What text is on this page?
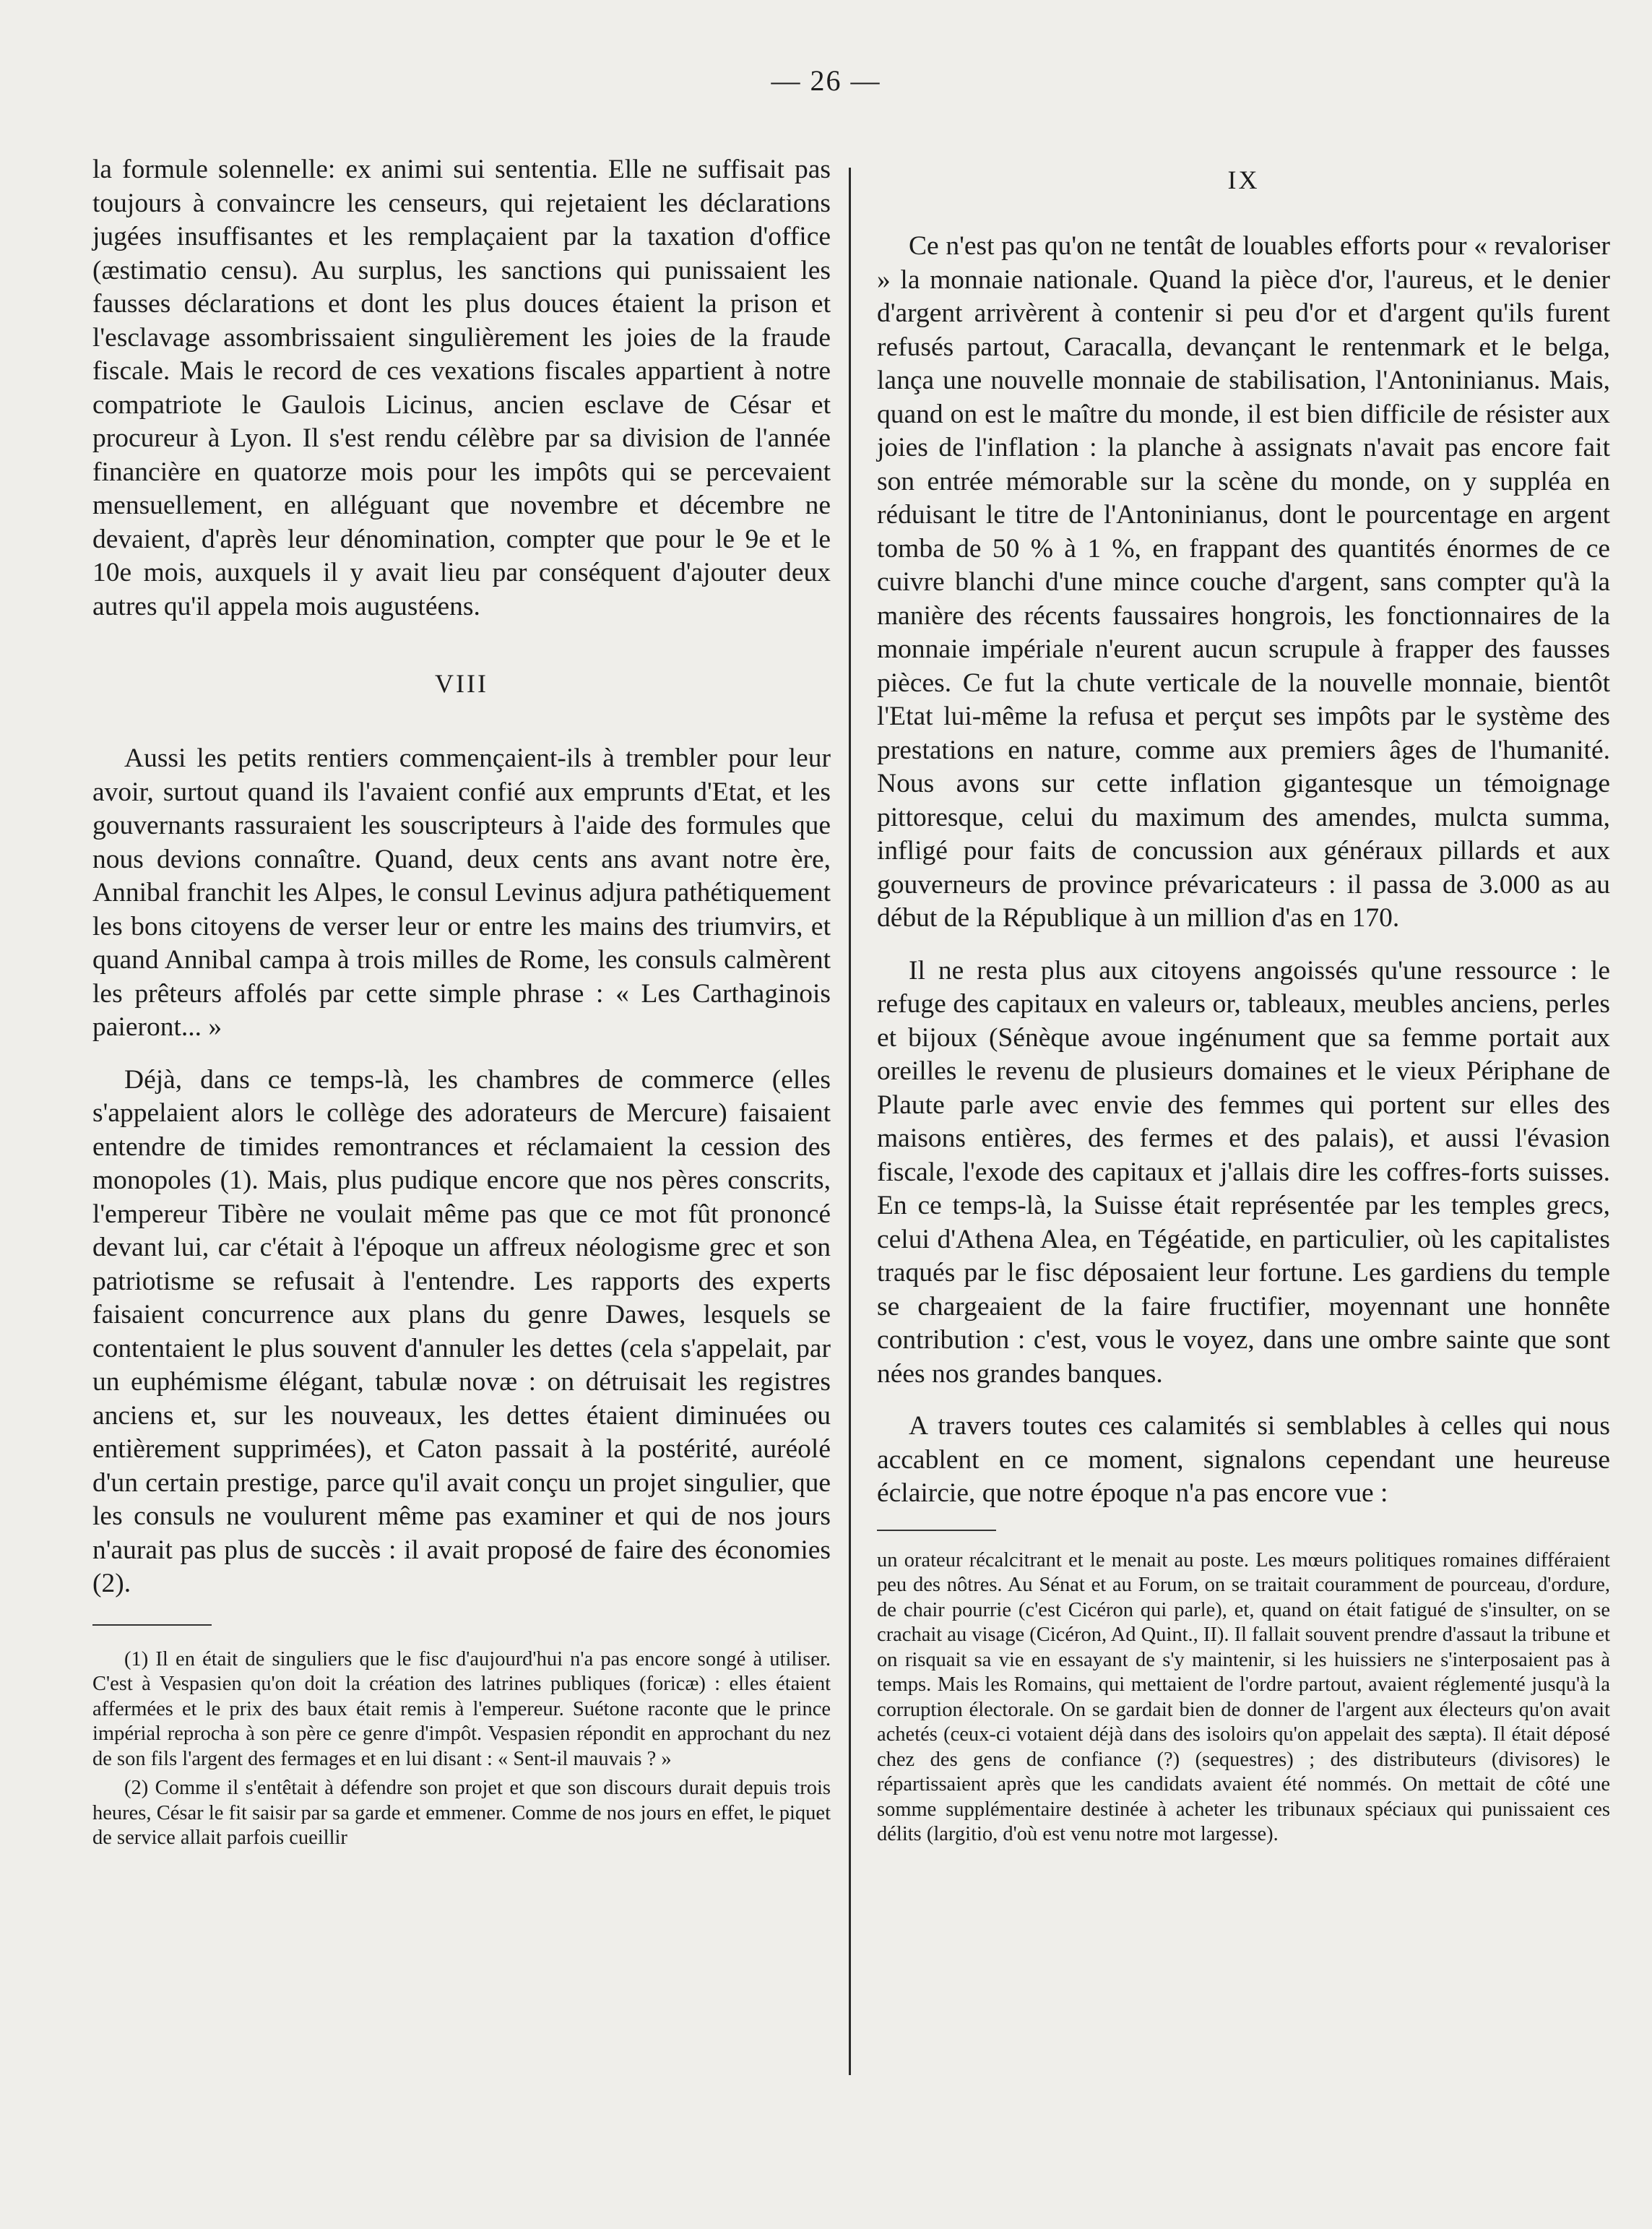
— 26 —

la formule solennelle: ex animi sui sententia. Elle ne suffisait pas toujours à convaincre les censeurs, qui rejetaient les déclarations jugées insuffisantes et les remplaçaient par la taxation d'office (æstimatio censu). Au surplus, les sanctions qui punissaient les fausses déclarations et dont les plus douces étaient la prison et l'esclavage assombrissaient singulièrement les joies de la fraude fiscale. Mais le record de ces vexations fiscales appartient à notre compatriote le Gaulois Licinus, ancien esclave de César et procureur à Lyon. Il s'est rendu célèbre par sa division de l'année financière en quatorze mois pour les impôts qui se percevaient mensuellement, en alléguant que novembre et décembre ne devaient, d'après leur dénomination, compter que pour le 9e et le 10e mois, auxquels il y avait lieu par conséquent d'ajouter deux autres qu'il appela mois augustéens.

VIII

Aussi les petits rentiers commençaient-ils à trembler pour leur avoir, surtout quand ils l'avaient confié aux emprunts d'Etat, et les gouvernants rassuraient les souscripteurs à l'aide des formules que nous devions connaître. Quand, deux cents ans avant notre ère, Annibal franchit les Alpes, le consul Levinus adjura pathétiquement les bons citoyens de verser leur or entre les mains des triumvirs, et quand Annibal campa à trois milles de Rome, les consuls calmèrent les prêteurs affolés par cette simple phrase : « Les Carthaginois paieront... »

Déjà, dans ce temps-là, les chambres de commerce (elles s'appelaient alors le collège des adorateurs de Mercure) faisaient entendre de timides remontrances et réclamaient la cession des monopoles (1). Mais, plus pudique encore que nos pères conscrits, l'empereur Tibère ne voulait même pas que ce mot fût prononcé devant lui, car c'était à l'époque un affreux néologisme grec et son patriotisme se refusait à l'entendre. Les rapports des experts faisaient concurrence aux plans du genre Dawes, lesquels se contentaient le plus souvent d'annuler les dettes (cela s'appelait, par un euphémisme élégant, tabulæ novæ : on détruisait les registres anciens et, sur les nouveaux, les dettes étaient diminuées ou entièrement supprimées), et Caton passait à la postérité, auréolé d'un certain prestige, parce qu'il avait conçu un projet singulier, que les consuls ne voulurent même pas examiner et qui de nos jours n'aurait pas plus de succès : il avait proposé de faire des économies (2).

(1) Il en était de singuliers que le fisc d'aujourd'hui n'a pas encore songé à utiliser. C'est à Vespasien qu'on doit la création des latrines publiques (foricæ) : elles étaient affermées et le prix des baux était remis à l'empereur. Suétone raconte que le prince impérial reprocha à son père ce genre d'impôt. Vespasien répondit en approchant du nez de son fils l'argent des fermages et en lui disant : « Sent-il mauvais ? »

(2) Comme il s'entêtait à défendre son projet et que son discours durait depuis trois heures, César le fit saisir par sa garde et emmener. Comme de nos jours en effet, le piquet de service allait parfois cueillir

IX

Ce n'est pas qu'on ne tentât de louables efforts pour « revaloriser » la monnaie nationale. Quand la pièce d'or, l'aureus, et le denier d'argent arrivèrent à contenir si peu d'or et d'argent qu'ils furent refusés partout, Caracalla, devançant le rentenmark et le belga, lança une nouvelle monnaie de stabilisation, l'Antoninianus. Mais, quand on est le maître du monde, il est bien difficile de résister aux joies de l'inflation : la planche à assignats n'avait pas encore fait son entrée mémorable sur la scène du monde, on y suppléa en réduisant le titre de l'Antoninianus, dont le pourcentage en argent tomba de 50 % à 1 %, en frappant des quantités énormes de ce cuivre blanchi d'une mince couche d'argent, sans compter qu'à la manière des récents faussaires hongrois, les fonctionnaires de la monnaie impériale n'eurent aucun scrupule à frapper des fausses pièces. Ce fut la chute verticale de la nouvelle monnaie, bientôt l'Etat lui-même la refusa et perçut ses impôts par le système des prestations en nature, comme aux premiers âges de l'humanité. Nous avons sur cette inflation gigantesque un témoignage pittoresque, celui du maximum des amendes, mulcta summa, infligé pour faits de concussion aux généraux pillards et aux gouverneurs de province prévaricateurs : il passa de 3.000 as au début de la République à un million d'as en 170.

Il ne resta plus aux citoyens angoissés qu'une ressource : le refuge des capitaux en valeurs or, tableaux, meubles anciens, perles et bijoux (Sénèque avoue ingénument que sa femme portait aux oreilles le revenu de plusieurs domaines et le vieux Périphane de Plaute parle avec envie des femmes qui portent sur elles des maisons entières, des fermes et des palais), et aussi l'évasion fiscale, l'exode des capitaux et j'allais dire les coffres-forts suisses. En ce temps-là, la Suisse était représentée par les temples grecs, celui d'Athena Alea, en Tégéatide, en particulier, où les capitalistes traqués par le fisc déposaient leur fortune. Les gardiens du temple se chargeaient de la faire fructifier, moyennant une honnête contribution : c'est, vous le voyez, dans une ombre sainte que sont nées nos grandes banques.

A travers toutes ces calamités si semblables à celles qui nous accablent en ce moment, signalons cependant une heureuse éclaircie, que notre époque n'a pas encore vue :

un orateur récalcitrant et le menait au poste. Les mœurs politiques romaines différaient peu des nôtres. Au Sénat et au Forum, on se traitait couramment de pourceau, d'ordure, de chair pourrie (c'est Cicéron qui parle), et, quand on était fatigué de s'insulter, on se crachait au visage (Cicéron, Ad Quint., II). Il fallait souvent prendre d'assaut la tribune et on risquait sa vie en essayant de s'y maintenir, si les huissiers ne s'interposaient pas à temps. Mais les Romains, qui mettaient de l'ordre partout, avaient réglementé jusqu'à la corruption électorale. On se gardait bien de donner de l'argent aux électeurs qu'on avait achetés (ceux-ci votaient déjà dans des isoloirs qu'on appelait des sæpta). Il était déposé chez des gens de confiance (?) (sequestres) ; des distributeurs (divisores) le répartissaient après que les candidats avaient été nommés. On mettait de côté une somme supplémentaire destinée à acheter les tribunaux spéciaux qui punissaient ces délits (largitio, d'où est venu notre mot largesse).
